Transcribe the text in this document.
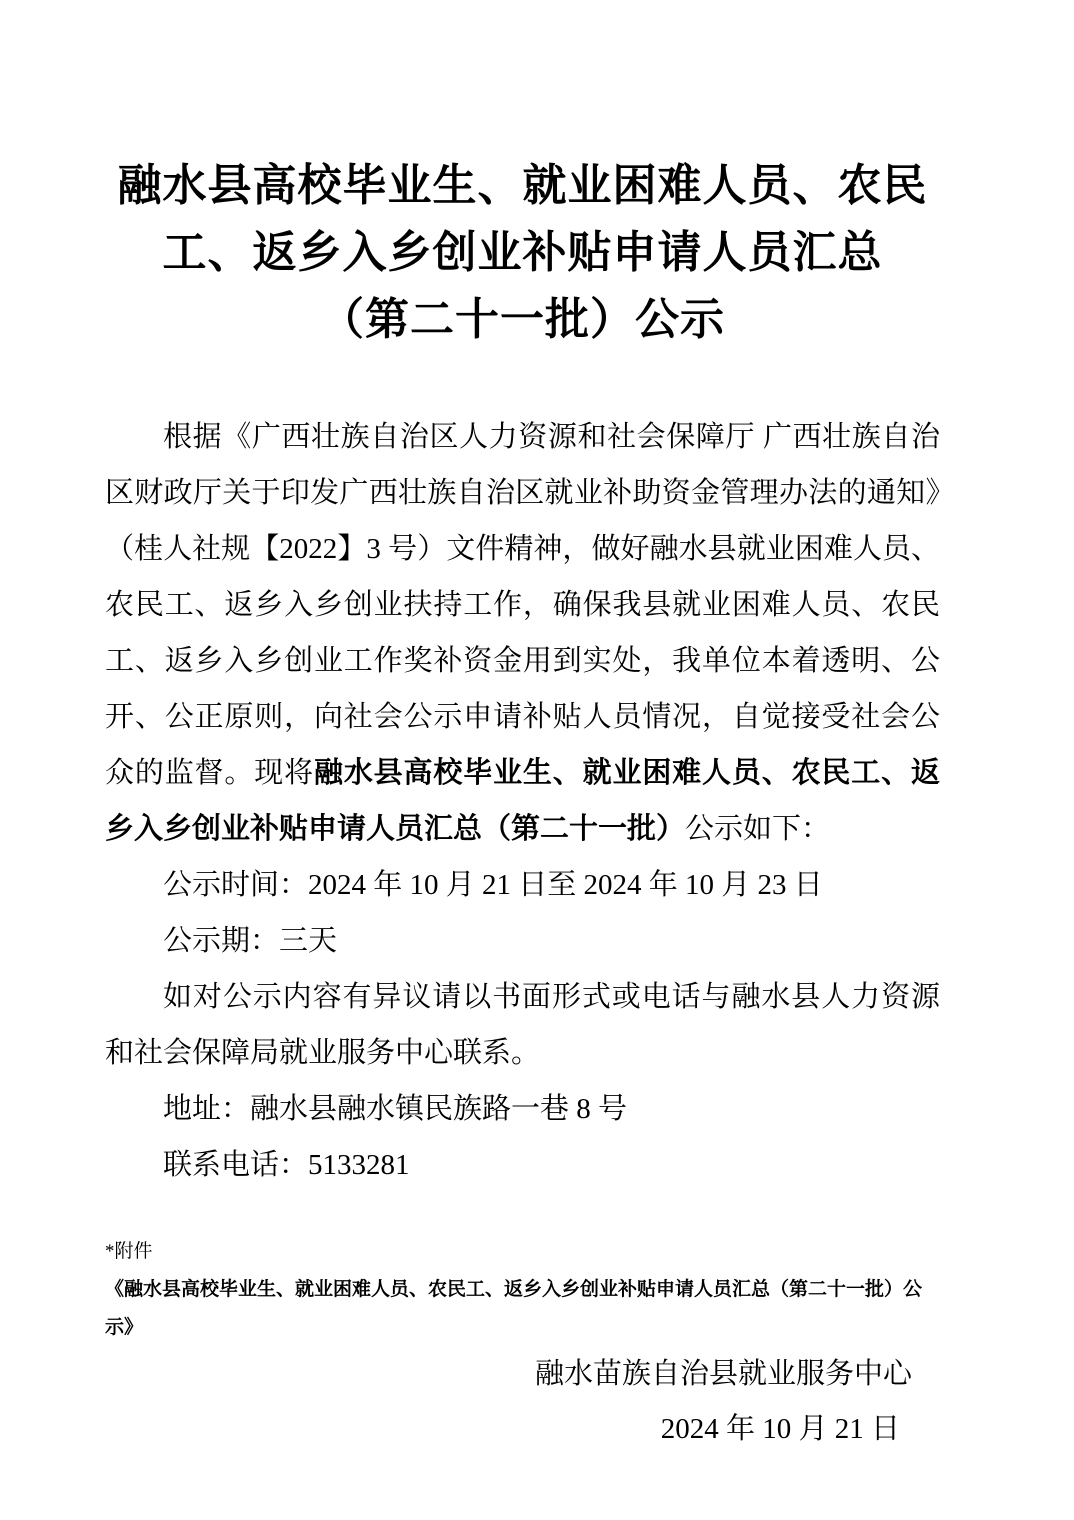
融水县高校毕业生、就业困难人员、农民
工、返乡入乡创业补贴申请人员汇总
（第二十一批）公示

根据《广西壮族自治区人力资源和社会保障厅 广西壮族自治区财政厅关于印发广西壮族自治区就业补助资金管理办法的通知》（桂人社规【2022】3 号）文件精神，做好融水县就业困难人员、农民工、返乡入乡创业扶持工作，确保我县就业困难人员、农民工、返乡入乡创业工作奖补资金用到实处，我单位本着透明、公开、公正原则，向社会公示申请补贴人员情况，自觉接受社会公众的监督。现将融水县高校毕业生、就业困难人员、农民工、返乡入乡创业补贴申请人员汇总（第二十一批）公示如下：

公示时间：2024 年 10 月 21 日至 2024 年 10 月 23 日

公示期：三天

如对公示内容有异议请以书面形式或电话与融水县人力资源和社会保障局就业服务中心联系。

地址：融水县融水镇民族路一巷 8 号

联系电话：5133281

*附件
《融水县高校毕业生、就业困难人员、农民工、返乡入乡创业补贴申请人员汇总（第二十一批）公示》
融水苗族自治县就业服务中心
2024 年 10 月 21 日
